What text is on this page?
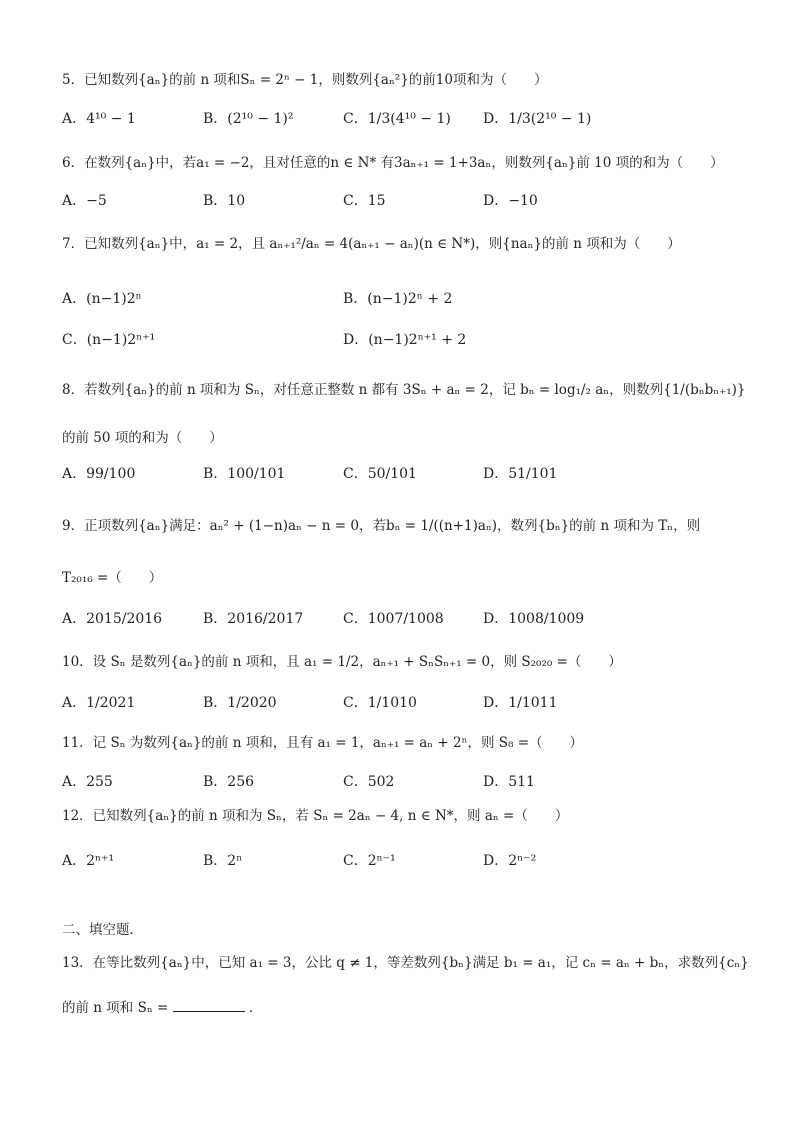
5．已知数列{aₙ}的前 n 项和Sₙ = 2ⁿ − 1，则数列{aₙ²}的前10项和为（　　）
A．4¹⁰ − 1	B．(2¹⁰ − 1)²	C．1/3(4¹⁰ − 1) D．1/3(2¹⁰ − 1)
6．在数列{aₙ}中，若a₁ = −2，且对任意的n ∈ N* 有3aₙ₊₁ = 1+3aₙ，则数列{aₙ}前 10 项的和为（　　）
A．−5	B．10	C．15	D．−10
7．已知数列{aₙ}中，a₁ = 2，且 aₙ₊₁²/aₙ = 4(aₙ₊₁ − aₙ)(n ∈ N*)，则{naₙ}的前 n 项和为（　　）
A．(n−1)2ⁿ	B．(n−1)2ⁿ + 2
C．(n−1)2ⁿ⁺¹	D．(n−1)2ⁿ⁺¹ + 2
8．若数列{aₙ}的前 n 项和为 Sₙ，对任意正整数 n 都有 3Sₙ + aₙ = 2，记 bₙ = log₁/₂ aₙ，则数列{1/(bₙbₙ₊₁)}
的前 50 项的和为（　　）
A．99/100	B．100/101	C．50/101	D．51/101
9．正项数列{aₙ}满足：aₙ² + (1−n)aₙ − n = 0，若bₙ = 1/((n+1)aₙ)，数列{bₙ}的前 n 项和为 Tₙ，则
T₂₀₁₆ =（　　）
A．2015/2016	B．2016/2017	C．1007/1008	D．1008/1009
10．设 Sₙ 是数列{aₙ}的前 n 项和，且 a₁ = 1/2，aₙ₊₁ + SₙSₙ₊₁ = 0，则 S₂₀₂₀ =（　　）
A．1/2021	B．1/2020	C．1/1010	D．1/1011
11．记 Sₙ 为数列{aₙ}的前 n 项和，且有 a₁ = 1，aₙ₊₁ = aₙ + 2ⁿ，则 S₈ =（　　）
A．255	B．256	C．502	D．511
12．已知数列{aₙ}的前 n 项和为 Sₙ，若 Sₙ = 2aₙ − 4, n ∈ N*，则 aₙ =（　　）
A．2ⁿ⁺¹	B．2ⁿ	C．2ⁿ⁻¹	D．2ⁿ⁻²
二、填空题．
13．在等比数列{aₙ}中，已知 a₁ = 3，公比 q ≠ 1，等差数列{bₙ}满足 b₁ = a₁，记 cₙ = aₙ + bₙ，求数列{cₙ}
的前 n 项和 Sₙ =	．
